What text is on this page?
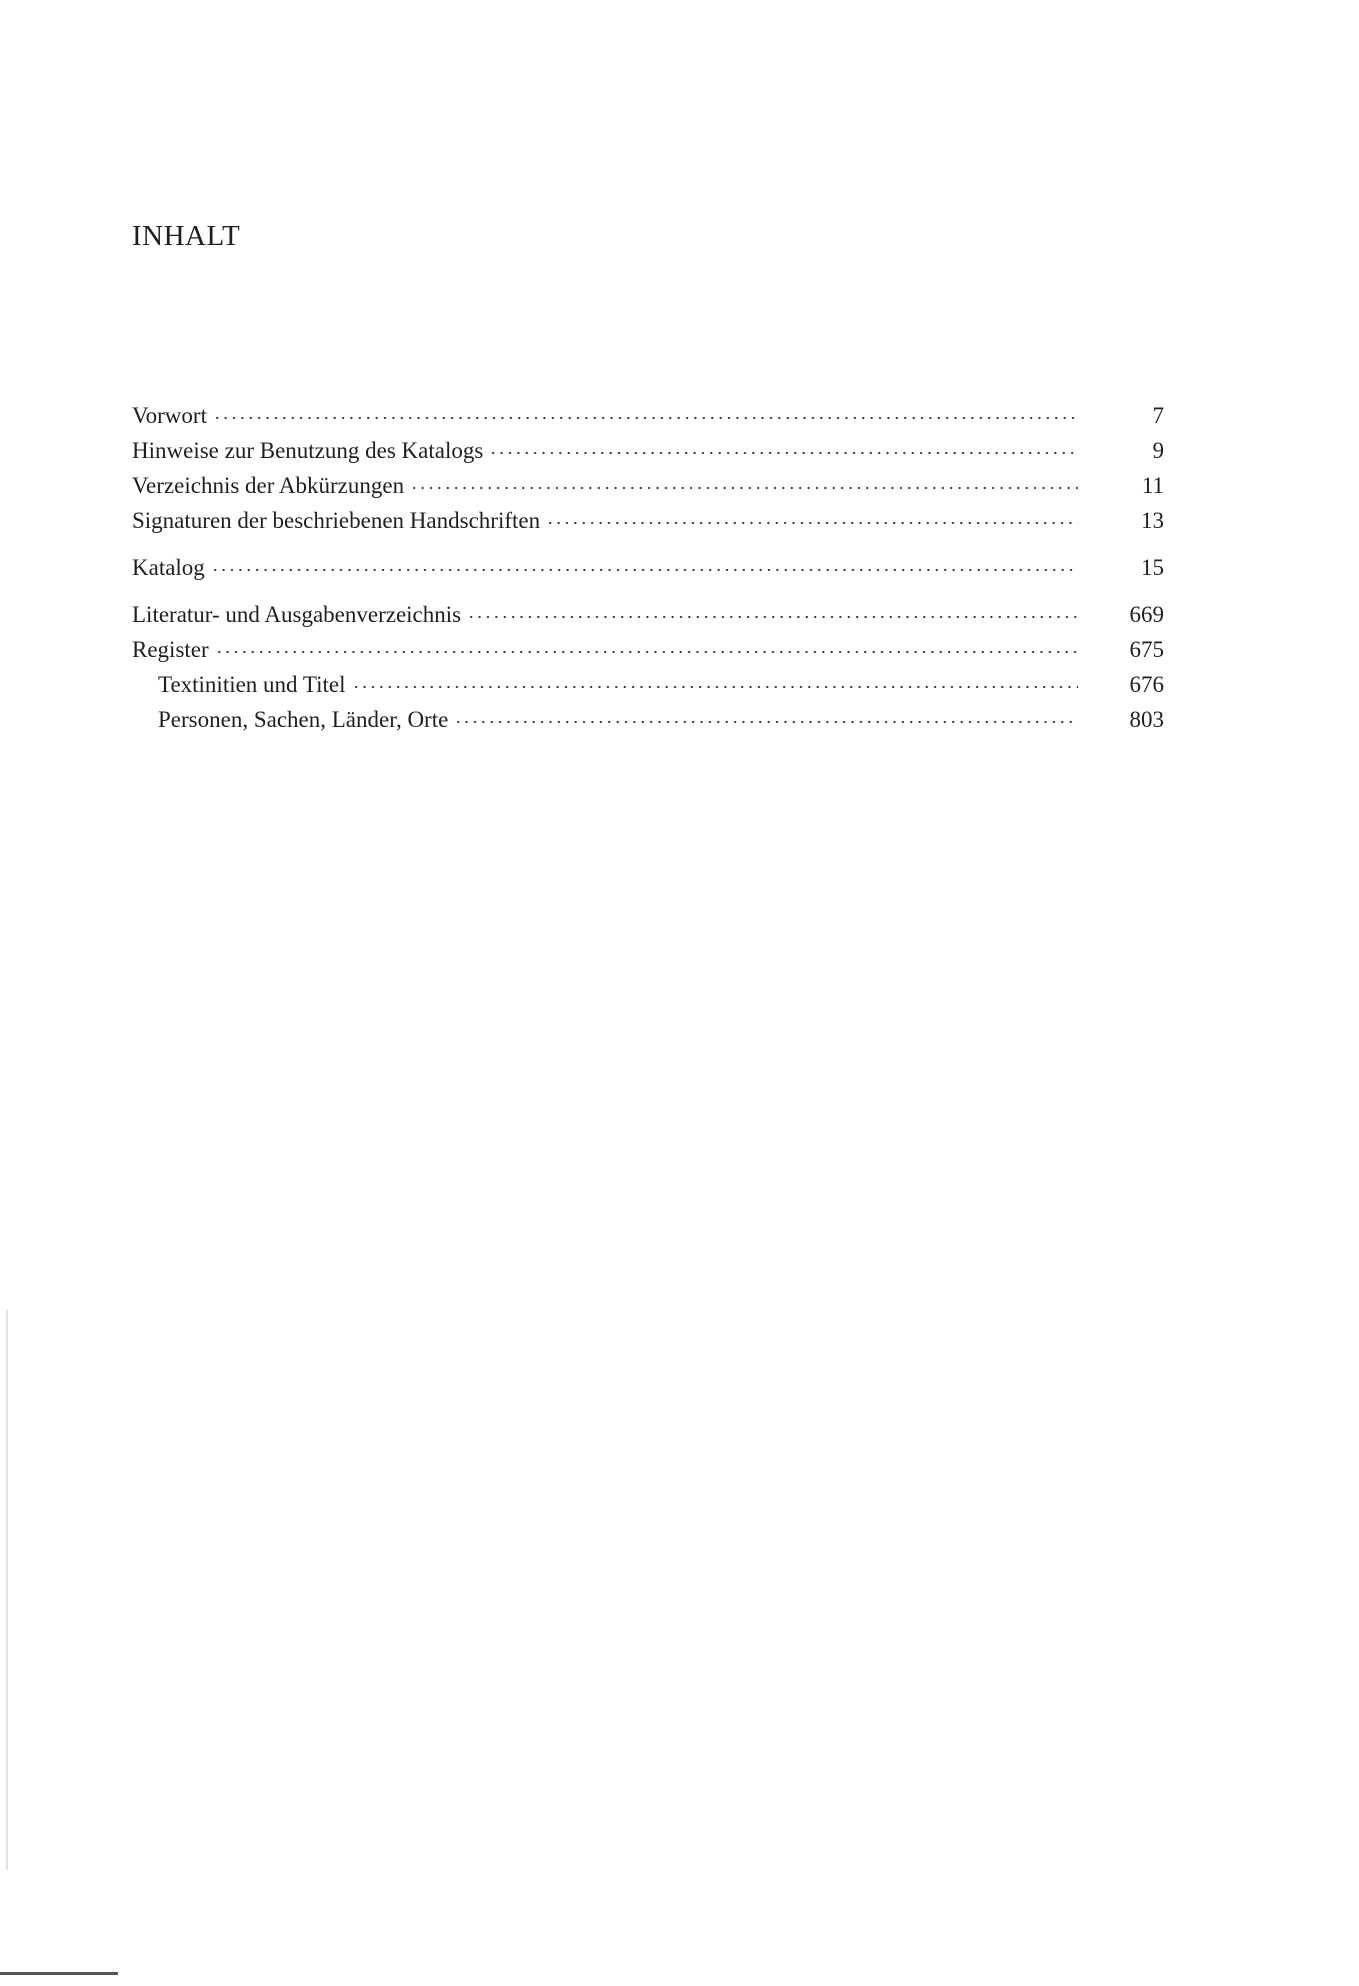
INHALT
Vorwort	7
Hinweise zur Benutzung des Katalogs	9
Verzeichnis der Abkürzungen	11
Signaturen der beschriebenen Handschriften	13
Katalog	15
Literatur- und Ausgabenverzeichnis	669
Register	675
Textinitien und Titel	676
Personen, Sachen, Länder, Orte	803
